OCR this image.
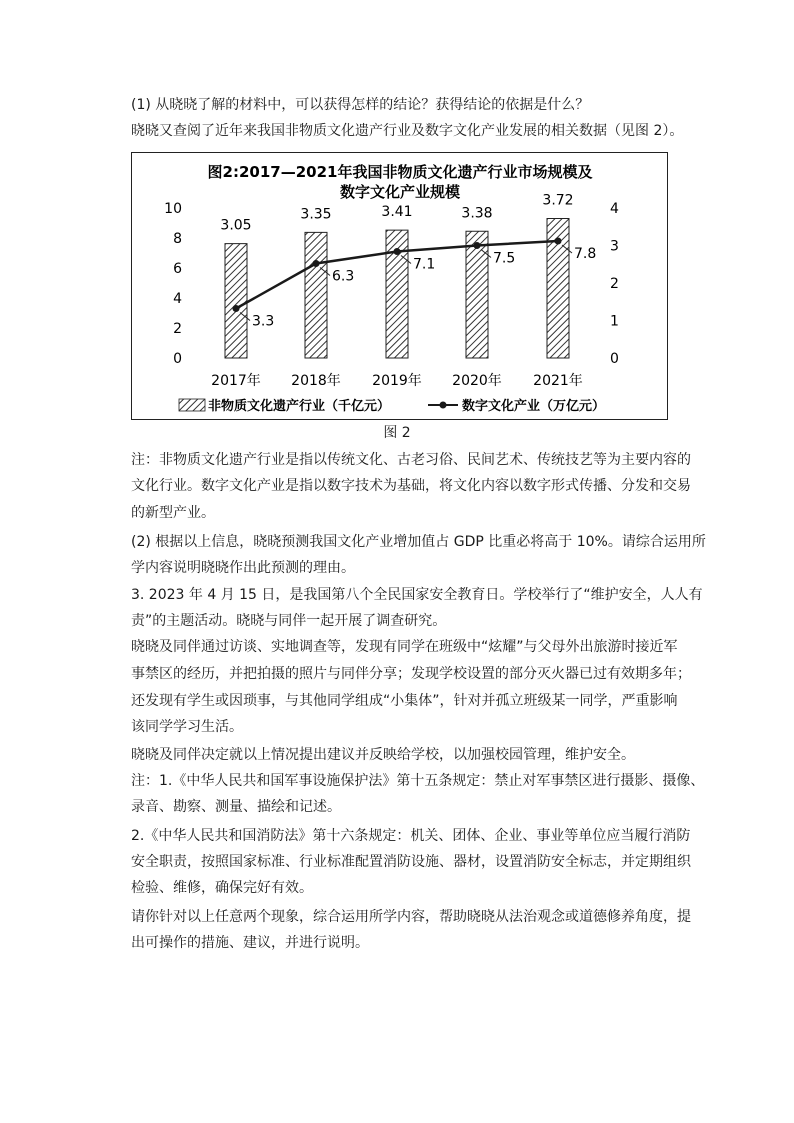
(1) 从晓晓了解的材料中，可以获得怎样的结论？获得结论的依据是什么？
晓晓又查阅了近年来我国非物质文化遗产行业及数字文化产业发展的相关数据（见图 2）。
图2:2017—2021年我国非物质文化遗产行业市场规模及
数字文化产业规模
0
2
4
6
8
10
0
1
2
3
4
3.05
3.35	3.41	3.38
3.72
3.3
6.3
7.1	7.5	7.8
2017年 2018年 2019年 2020年 2021年
非物质文化遗产行业（千亿元）	数字文化产业（万亿元）
图 2
注：非物质文化遗产行业是指以传统文化、古老习俗、民间艺术、传统技艺等为主要内容的
文化行业。数字文化产业是指以数字技术为基础，将文化内容以数字形式传播、分发和交易
的新型产业。
(2) 根据以上信息，晓晓预测我国文化产业增加值占 GDP 比重必将高于 10%。请综合运用所
学内容说明晓晓作出此预测的理由。
3. 2023 年 4 月 15 日，是我国第八个全民国家安全教育日。学校举行了“维护安全，人人有
责”的主题活动。晓晓与同伴一起开展了调查研究。
晓晓及同伴通过访谈、实地调查等，发现有同学在班级中“炫耀”与父母外出旅游时接近军
事禁区的经历，并把拍摄的照片与同伴分享；发现学校设置的部分灭火器已过有效期多年；
还发现有学生或因琐事，与其他同学组成“小集体”，针对并孤立班级某一同学，严重影响
该同学学习生活。
晓晓及同伴决定就以上情况提出建议并反映给学校，以加强校园管理，维护安全。
注：1.《中华人民共和国军事设施保护法》第十五条规定：禁止对军事禁区进行摄影、摄像、
录音、勘察、测量、描绘和记述。
2.《中华人民共和国消防法》第十六条规定：机关、团体、企业、事业等单位应当履行消防
安全职责，按照国家标准、行业标准配置消防设施、器材，设置消防安全标志，并定期组织
检验、维修，确保完好有效。
请你针对以上任意两个现象，综合运用所学内容，帮助晓晓从法治观念或道德修养角度，提
出可操作的措施、建议，并进行说明。
